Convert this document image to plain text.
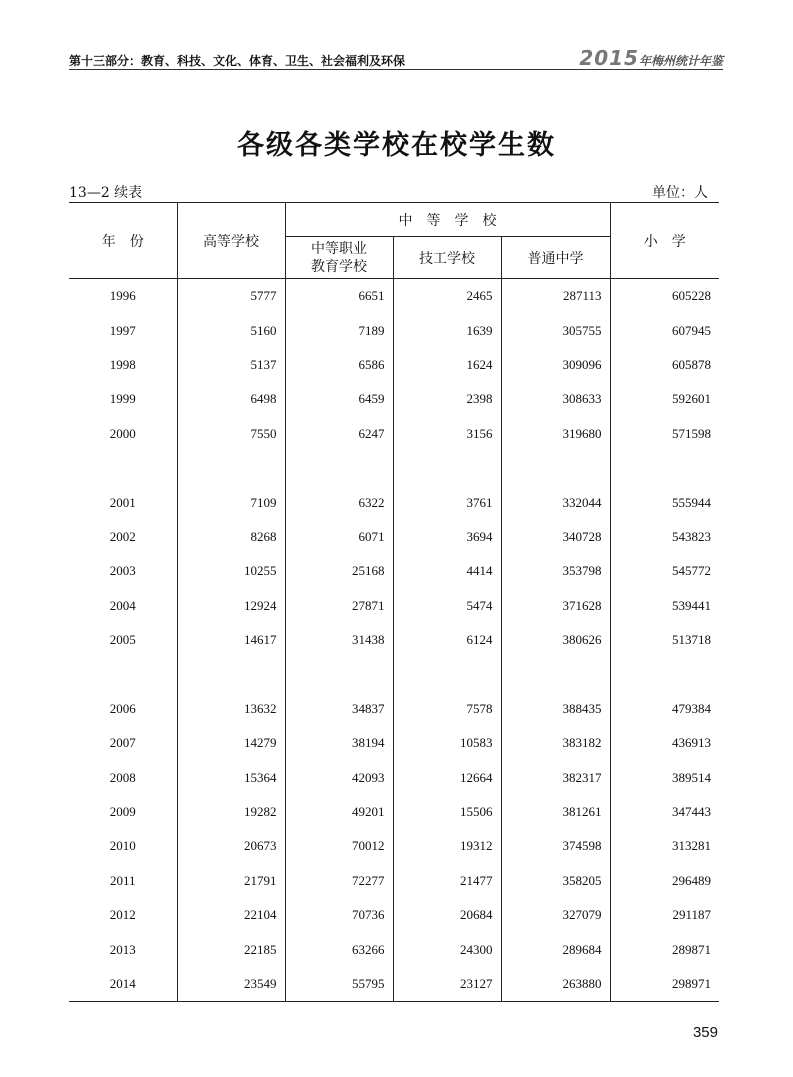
第十三部分：教育、科技、文化、体育、卫生、社会福利及环保	2015年梅州统计年鉴
各级各类学校在校学生数
13—2 续表	单位：人
年　份	高等学校	中　等　学　校			小　学

		中等职业
教育学校	技工学校	普通中学	
1996	5777	6651	2465	287113	605228
1997	5160	7189	1639	305755	607945
1998	5137	6586	1624	309096	605878
1999	6498	6459	2398	308633	592601
2000	7550	6247	3156	319680	571598

2001	7109	6322	3761	332044	555944
2002	8268	6071	3694	340728	543823
2003	10255	25168	4414	353798	545772
2004	12924	27871	5474	371628	539441
2005	14617	31438	6124	380626	513718

2006	13632	34837	7578	388435	479384
2007	14279	38194	10583	383182	436913
2008	15364	42093	12664	382317	389514
2009	19282	49201	15506	381261	347443
2010	20673	70012	19312	374598	313281
2011	21791	72277	21477	358205	296489
2012	22104	70736	20684	327079	291187
2013	22185	63266	24300	289684	289871
2014	23549	55795	23127	263880	298971
359
